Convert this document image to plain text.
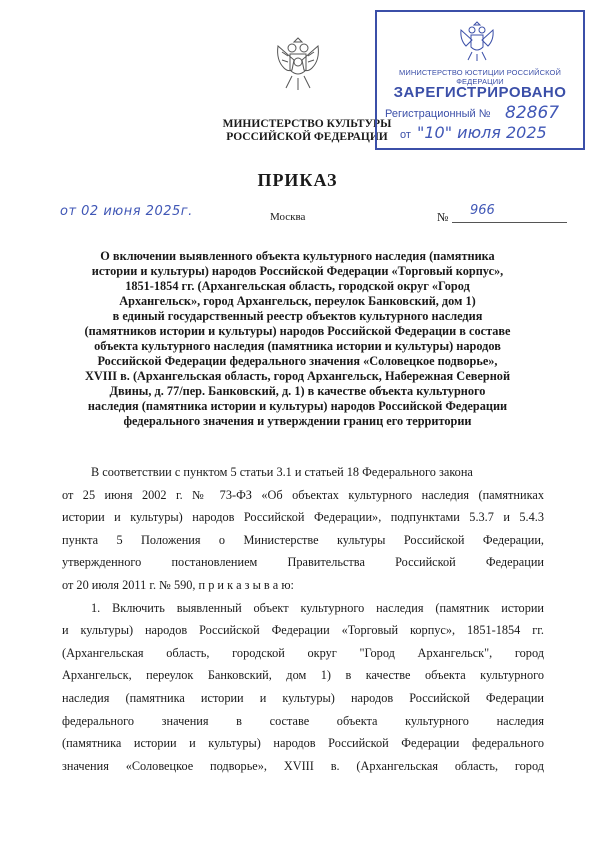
МИНИСТЕРСТВО КУЛЬТУРЫ
РОССИЙСКОЙ ФЕДЕРАЦИИ
МИНИСТЕРСТВО ЮСТИЦИИ РОССИЙСКОЙ ФЕДЕРАЦИИ
ЗАРЕГИСТРИРОВАНО
Регистрационный № 82867
от "10" июля 2025
ПРИКАЗ
от 02 июня 2025г.	Москва	№ 966
О включении выявленного объекта культурного наследия (памятника
истории и культуры) народов Российской Федерации «Торговый корпус»,
1851-1854 гг. (Архангельская область, городской округ «Город
Архангельск», город Архангельск, переулок Банковский, дом 1)
в единый государственный реестр объектов культурного наследия
(памятников истории и культуры) народов Российской Федерации в составе
объекта культурного наследия (памятника истории и культуры) народов
Российской Федерации федерального значения «Соловецкое подворье»,
XVIII в. (Архангельская область, город Архангельск, Набережная Северной
Двины, д. 77/пер. Банковский, д. 1) в качестве объекта культурного
наследия (памятника истории и культуры) народов Российской Федерации
федерального значения и утверждении границ его территории
В соответствии с пунктом 5 статьи 3.1 и статьей 18 Федерального закона
от 25 июня 2002 г. № 73-ФЗ «Об объектах культурного наследия (памятниках
истории и культуры) народов Российской Федерации», подпунктами 5.3.7 и 5.4.3
пункта 5 Положения о Министерстве культуры Российской Федерации,
утвержденного постановлением Правительства Российской Федерации
от 20 июля 2011 г. № 590, п р и к а з ы в а ю:
1. Включить выявленный объект культурного наследия (памятник истории
и культуры) народов Российской Федерации «Торговый корпус», 1851-1854 гг.
(Архангельская область, городской округ "Город Архангельск", город
Архангельск, переулок Банковский, дом 1) в качестве объекта культурного
наследия (памятника истории и культуры) народов Российской Федерации
федерального значения в составе объекта культурного наследия
(памятника истории и культуры) народов Российской Федерации федерального
значения «Соловецкое подворье», XVIII в. (Архангельская область, город
